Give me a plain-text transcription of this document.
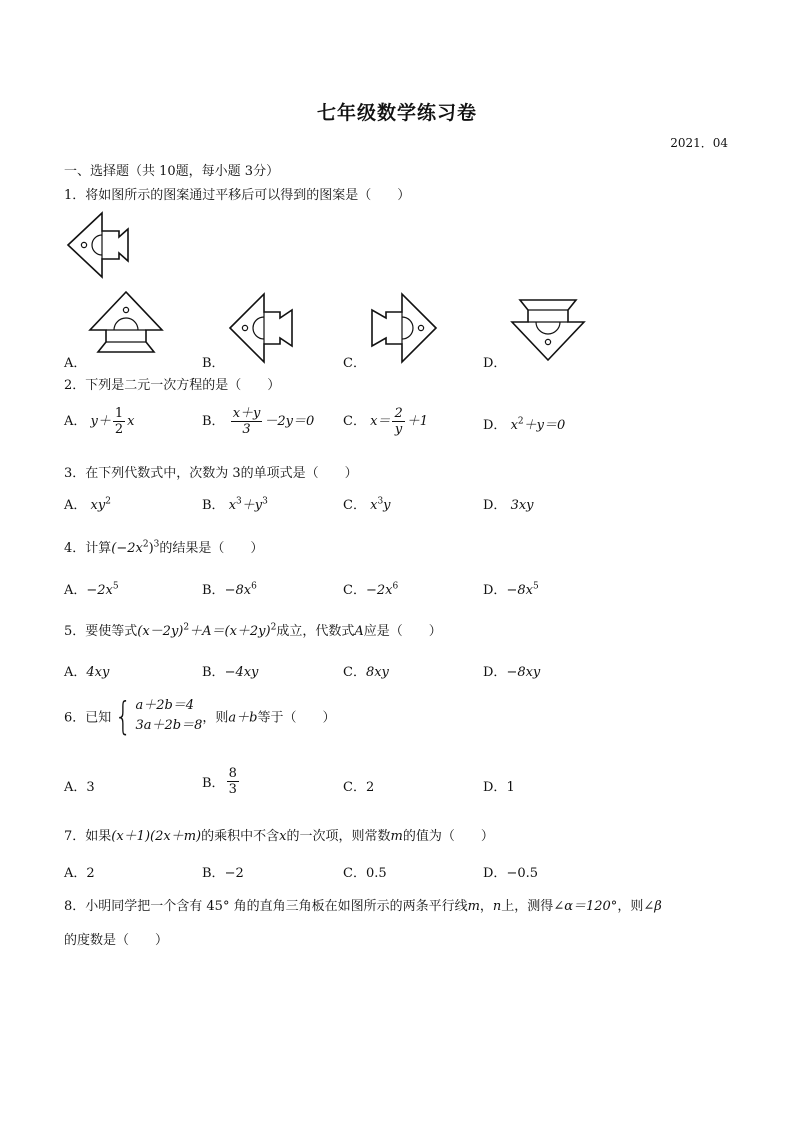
七年级数学练习卷
2021．04
一、选择题（共 10题，每小题 3分）
1．将如图所示的图案通过平移后可以得到的图案是（　　）
A．	B．	C．	D．
2．下列是二元一次方程的是（　　）
A． $y+ \frac{1}{2}$ x	B． $\frac{x+y}{3} -2y=0$ C． $x= \frac{2}{y} +1$	D． $x^2+y=0$
3．在下列代数式中，次数为 3的单项式是（　　）
A． $xy^2$	B． $x^3+y^3$	C． $x^3y$	D． 3xy
4．计算$(-2x^2)^3$的结果是（　　）
A．$-2x^5$	B．$-8x^6$	C．$-2x^6$	D．$-8x^5$
5．要使等式$(x-2y)^2+A=(x+2y)^2$成立，代数式A应是（　　）
A．4xy	B．−4xy	C．8xy	D．−8xy
6．已知{ a＋2b＝4
3a＋2b＝8 ，则a＋b等于（　　）
A．3	B． $\frac{8}{3}$	C．2	D．1
7．如果(x＋1)(2x＋m)的乘积中不含x的一次项，则常数m的值为（　　）
A．2	B．−2	C．0.5	D．−0.5
8．小明同学把一个含有 45° 角的直角三角板在如图所示的两条平行线m，n上，测得∠α＝120°，则∠β
的度数是（　　）
